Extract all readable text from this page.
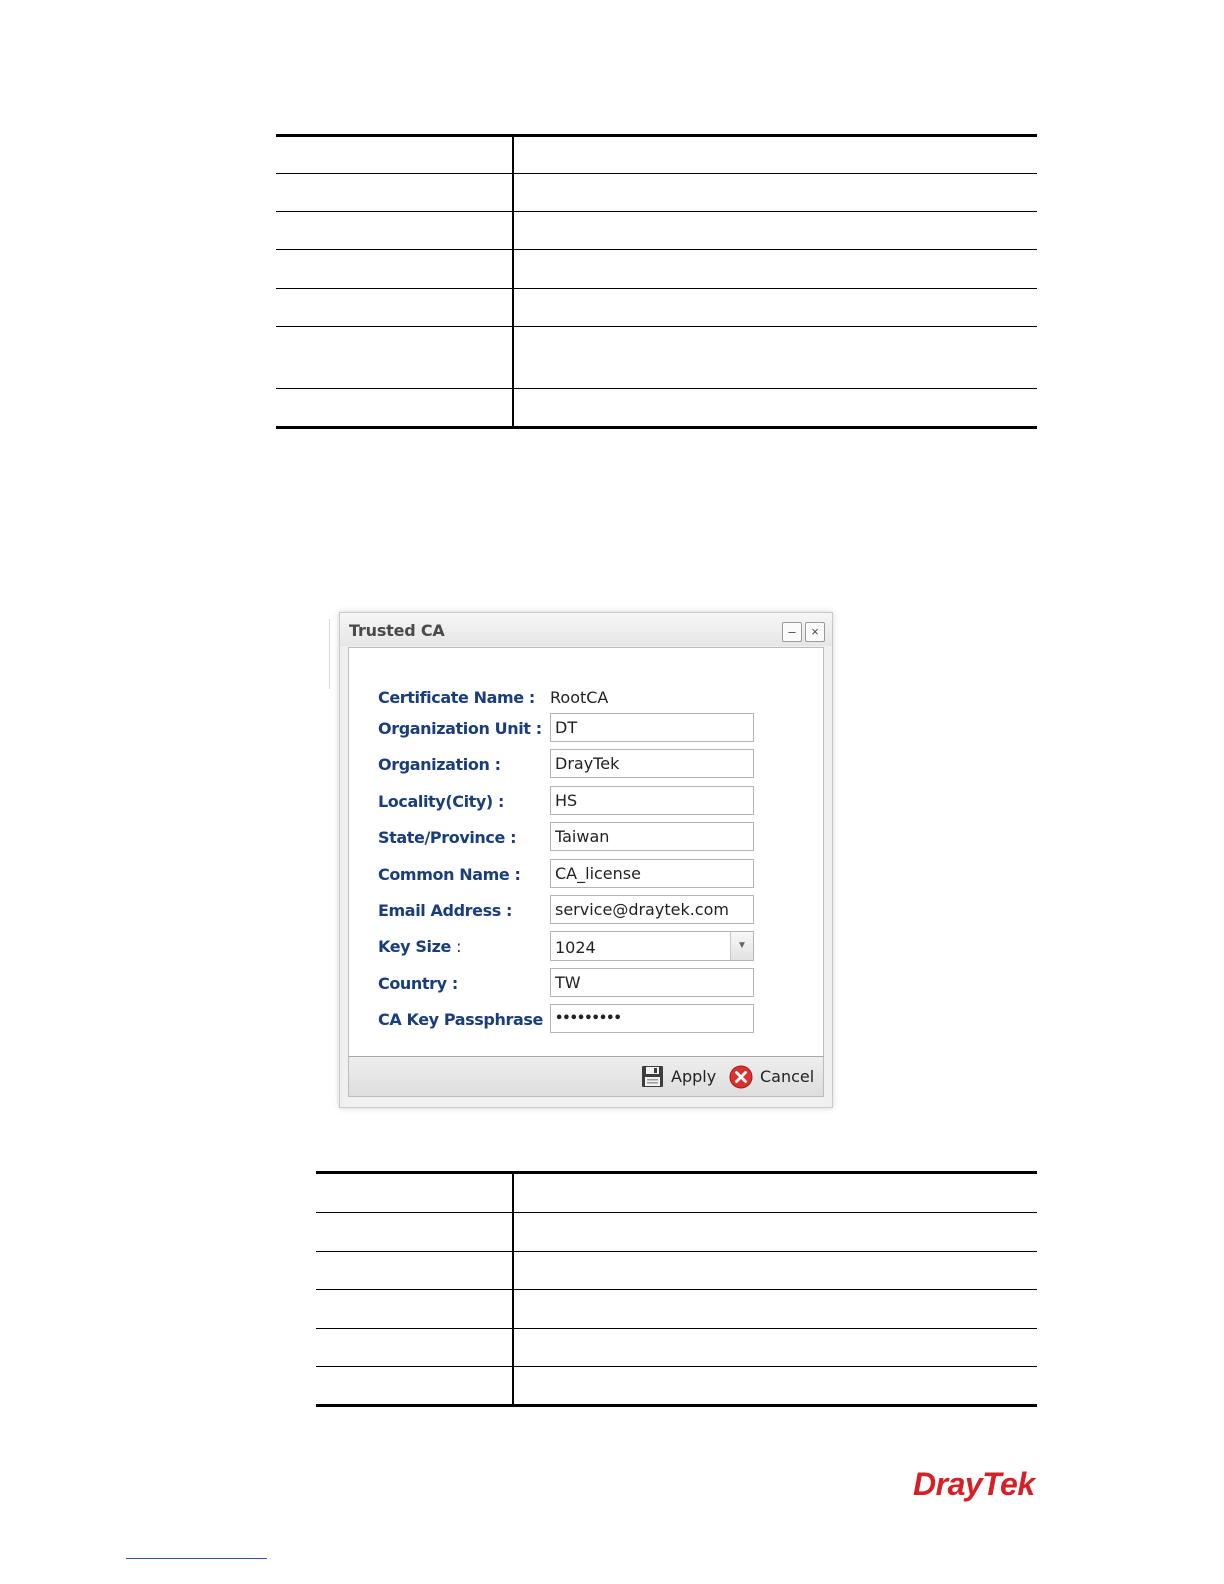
Trusted CA	–	×
Certificate Name : RootCA
Organization Unit :
DT
Organization :
DrayTek
Locality(City) :
HS
State/Province :
Taiwan
Common Name :
CA_license
Email Address :
service@draytek.com
Key Size :	1024	▼
Country :
TW
CA Key Passphrase
•••••••••
Apply	Cancel

DrayTek
